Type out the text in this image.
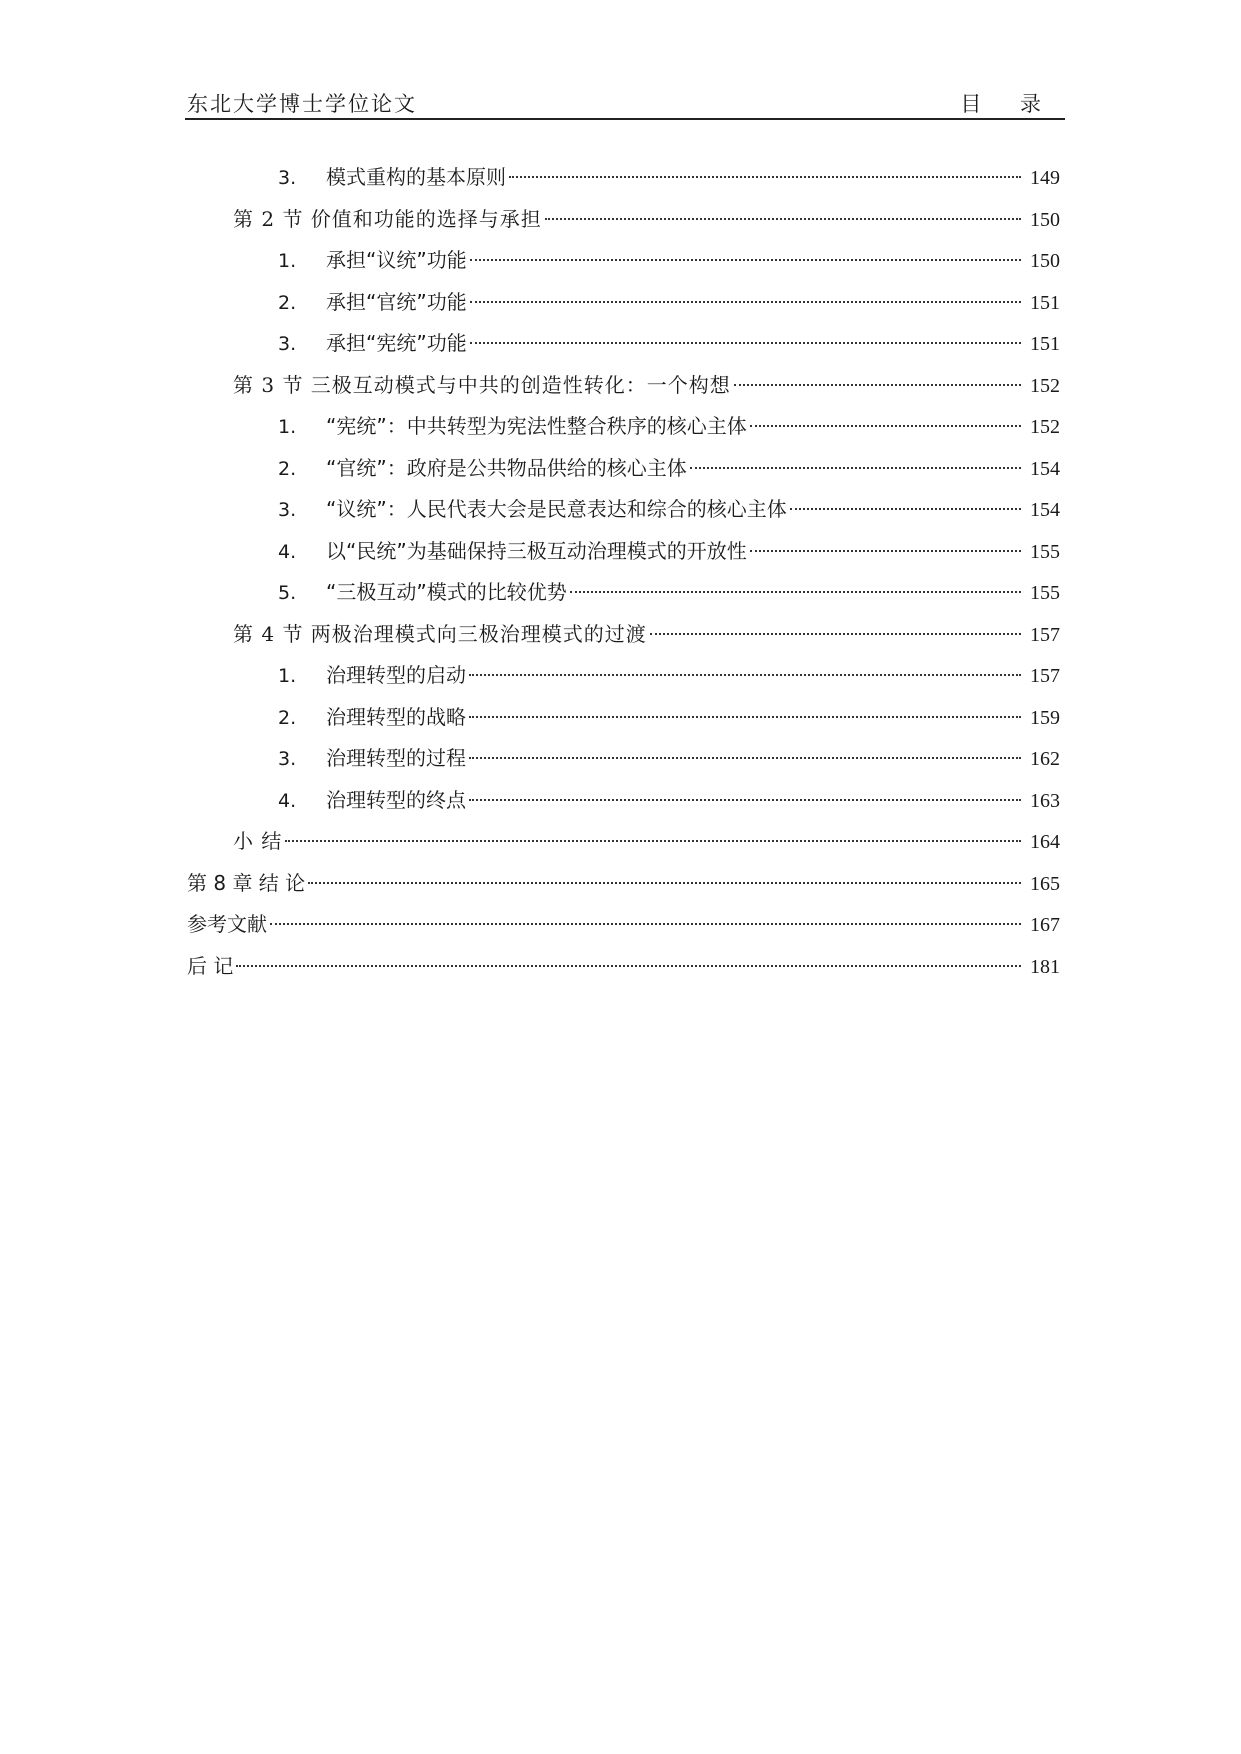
东北大学博士学位论文	目 录
3.	模式重构的基本原则	149
第 2 节 价值和功能的选择与承担	150
1.	承担“议统”功能	150
2.	承担“官统”功能	151
3.	承担“宪统”功能	151
第 3 节 三极互动模式与中共的创造性转化：一个构想	152
1.	“宪统”：中共转型为宪法性整合秩序的核心主体	152
2.	“官统”：政府是公共物品供给的核心主体	154
3.	“议统”：人民代表大会是民意表达和综合的核心主体	154
4.	以“民统”为基础保持三极互动治理模式的开放性	155
5.	“三极互动”模式的比较优势	155
第 4 节 两极治理模式向三极治理模式的过渡	157
1.	治理转型的启动	157
2.	治理转型的战略	159
3.	治理转型的过程	162
4.	治理转型的终点	163
小 结	164
第 8 章 结 论	165
参考文献	167
后 记	181
